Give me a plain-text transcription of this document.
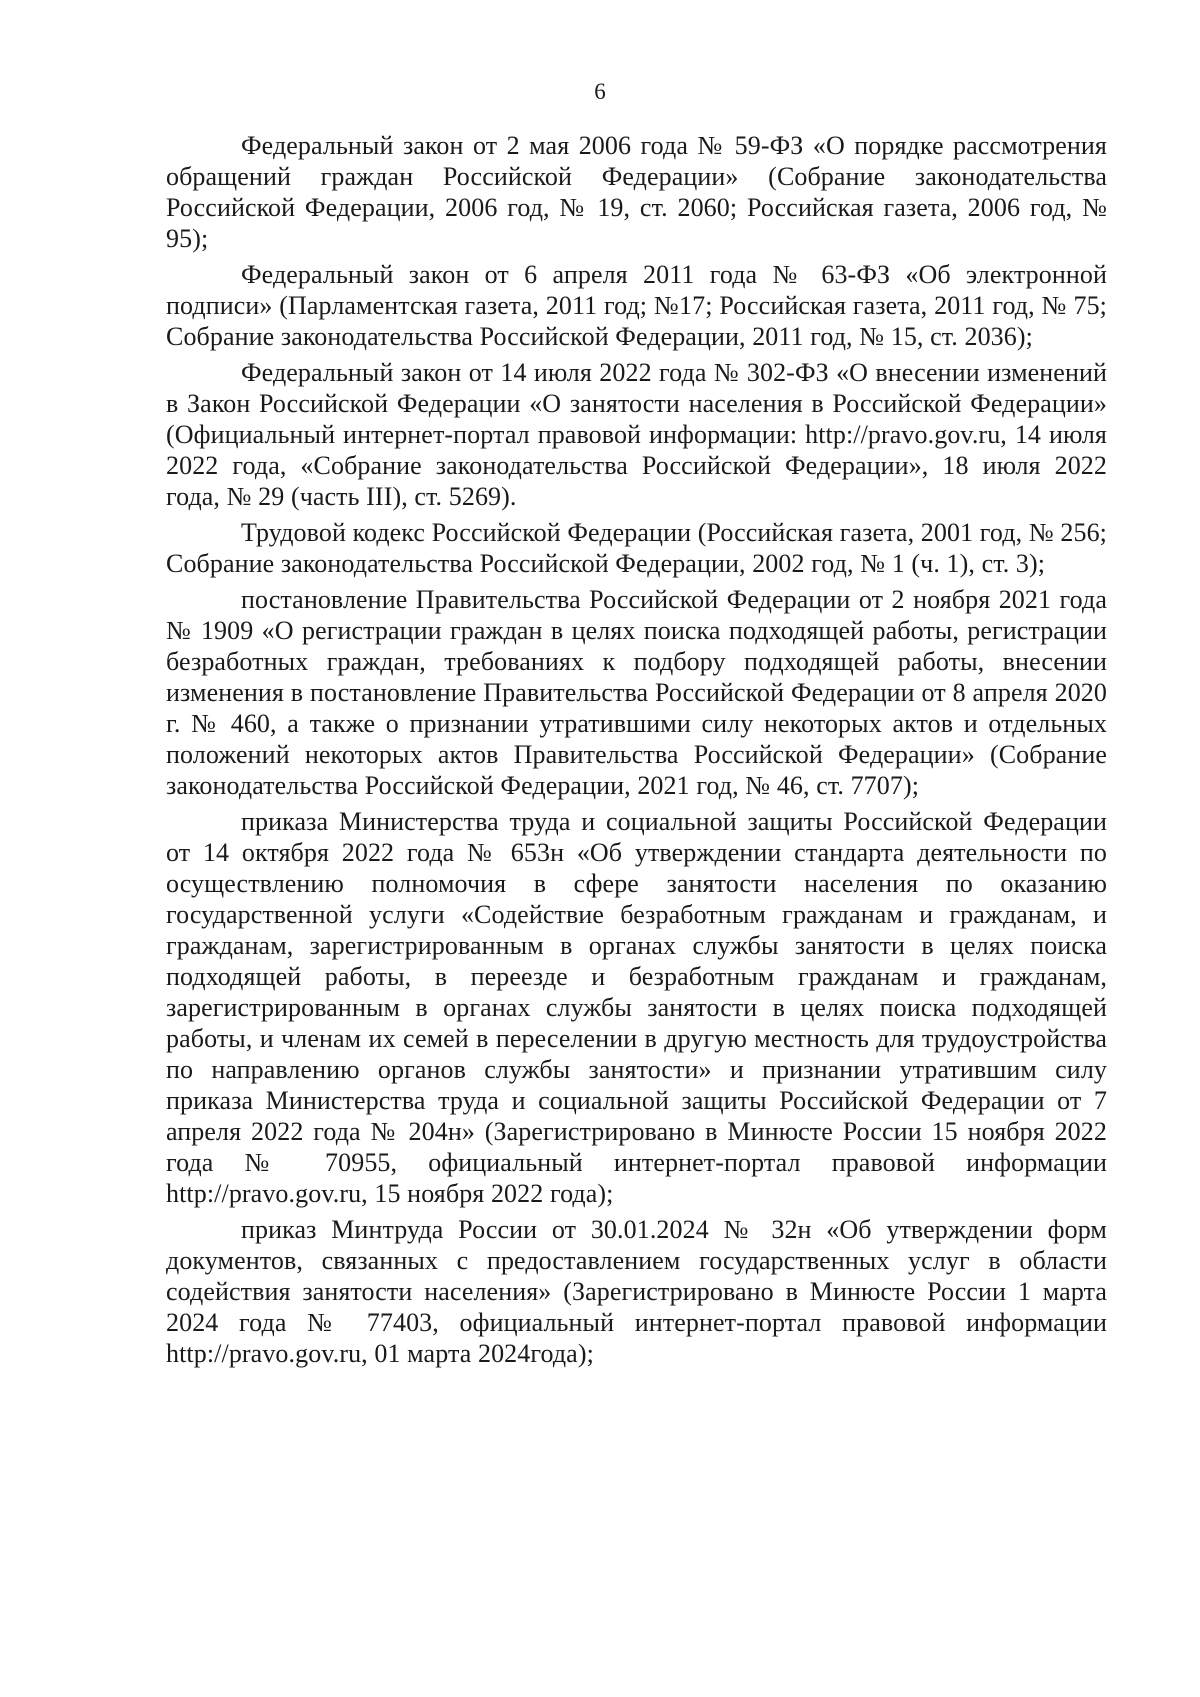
6

Федеральный закон от 2 мая 2006 года № 59-ФЗ «О порядке рассмотрения обращений граждан Российской Федерации» (Собрание законодательства Российской Федерации, 2006 год, № 19, ст. 2060; Российская газета, 2006 год, № 95);

Федеральный закон от 6 апреля 2011 года № 63-ФЗ «Об электронной подписи» (Парламентская газета, 2011 год; №17; Российская газета, 2011 год, № 75; Собрание законодательства Российской Федерации, 2011 год, № 15, ст. 2036);

Федеральный закон от 14 июля 2022 года № 302-ФЗ «О внесении изменений в Закон Российской Федерации «О занятости населения в Российской Федерации» (Официальный интернет-портал правовой информации: http://pravo.gov.ru, 14 июля 2022 года, «Собрание законодательства Российской Федерации», 18 июля 2022 года, № 29 (часть III), ст. 5269).

Трудовой кодекс Российской Федерации (Российская газета, 2001 год, № 256; Собрание законодательства Российской Федерации, 2002 год, № 1 (ч. 1), ст. 3);

постановление Правительства Российской Федерации от 2 ноября 2021 года № 1909 «О регистрации граждан в целях поиска подходящей работы, регистрации безработных граждан, требованиях к подбору подходящей работы, внесении изменения в постановление Правительства Российской Федерации от 8 апреля 2020 г. № 460, а также о признании утратившими силу некоторых актов и отдельных положений некоторых актов Правительства Российской Федерации» (Собрание законодательства Российской Федерации, 2021 год, № 46, ст. 7707);

приказа Министерства труда и социальной защиты Российской Федерации от 14 октября 2022 года № 653н «Об утверждении стандарта деятельности по осуществлению полномочия в сфере занятости населения по оказанию государственной услуги «Содействие безработным гражданам и гражданам, и гражданам, зарегистрированным в органах службы занятости в целях поиска подходящей работы, в переезде и безработным гражданам и гражданам, зарегистрированным в органах службы занятости в целях поиска подходящей работы, и членам их семей в переселении в другую местность для трудоустройства по направлению органов службы занятости» и признании утратившим силу приказа Министерства труда и социальной защиты Российской Федерации от 7 апреля 2022 года № 204н» (Зарегистрировано в Минюсте России 15 ноября 2022 года № 70955, официальный интернет-портал правовой информации http://pravo.gov.ru, 15 ноября 2022 года);

приказ Минтруда России от 30.01.2024 № 32н «Об утверждении форм документов, связанных с предоставлением государственных услуг в области содействия занятости населения» (Зарегистрировано в Минюсте России 1 марта 2024 года № 77403, официальный интернет-портал правовой информации http://pravo.gov.ru, 01 марта 2024года);
